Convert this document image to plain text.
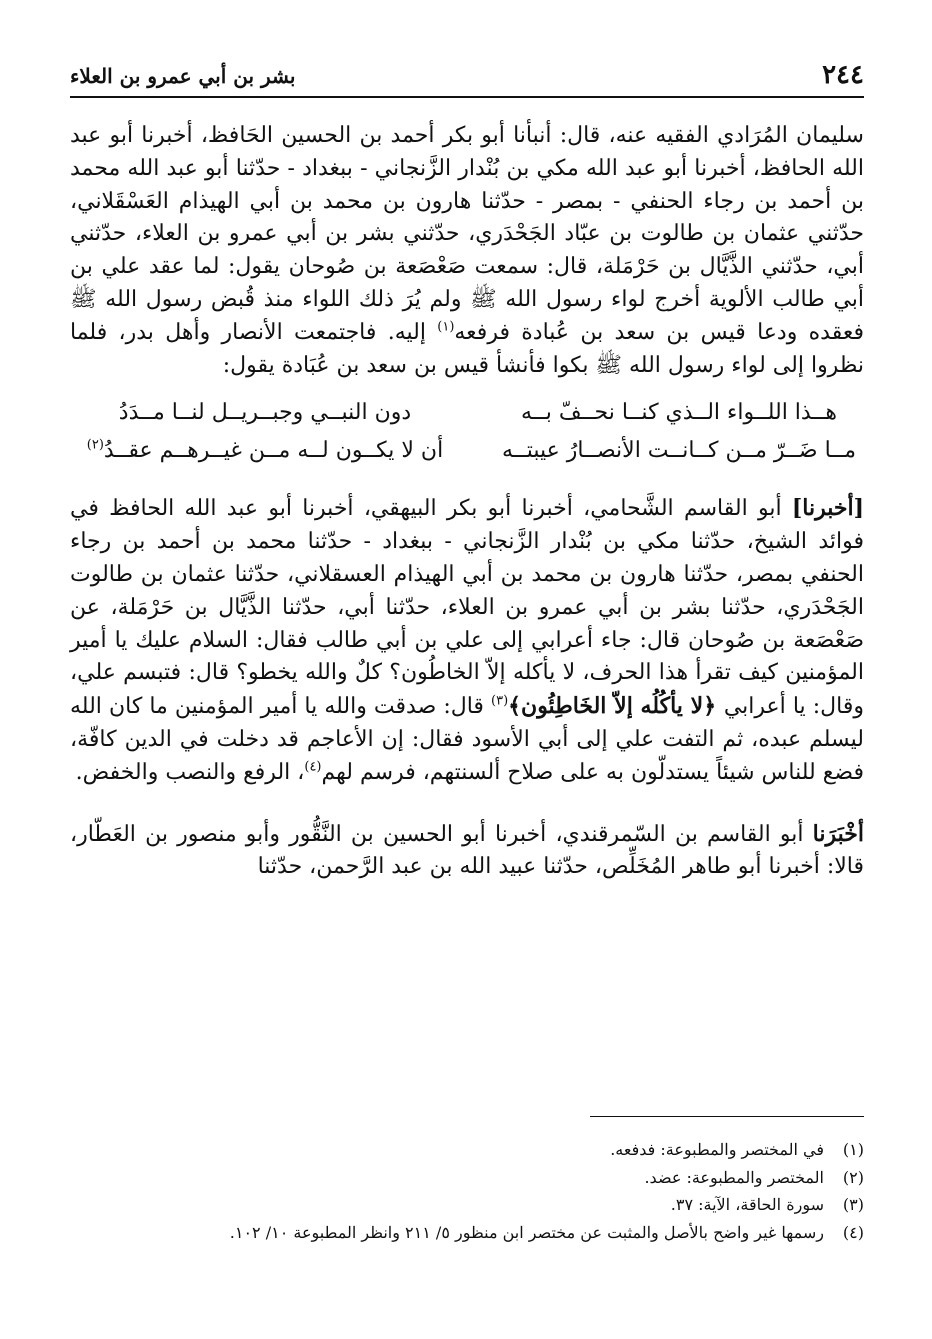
٢٤٤
بشر بن أبي عمرو بن العلاء

سليمان المُرَادي الفقيه عنه، قال: أنبأنا أبو بكر أحمد بن الحسين الحَافظ، أخبرنا أبو عبد الله الحافظ، أخبرنا أبو عبد الله مكي بن بُنْدار الزَّنجاني - ببغداد - حدّثنا أبو عبد الله محمد بن أحمد بن رجاء الحنفي - بمصر - حدّثنا هارون بن محمد بن أبي الهيذام العَسْقَلاني، حدّثني عثمان بن طالوت بن عبّاد الجَحْدَري، حدّثني بشر بن أبي عمرو بن العلاء، حدّثني أبي، حدّثني الذَّيَّال بن حَرْمَلة، قال: سمعت صَعْصَعة بن صُوحان يقول: لما عقد علي بن أبي طالب الألوية أخرج لواء رسول الله ﷺ ولم يُرَ ذلك اللواء منذ قُبض رسول الله ﷺ فعقده ودعا قيس بن سعد بن عُبادة فرفعه$^{(١)}$ إليه. فاجتمعت الأنصار وأهل بدر، فلما نظروا إلى لواء رسول الله ﷺ بكوا فأنشأ قيس بن سعد بن عُبَادة يقول:

هــذا اللــواء الــذي كنــا نحــفّ بــه
دون النبــي وجبــريــل لنــا مــدَدُ
مــا ضَــرّ مــن كــانــت الأنصــارُ عيبتــه
أن لا يكــون لــه مــن غيــرهــم عقــدُ$^{(٢)}$

[أخبرنا] أبو القاسم الشَّحامي، أخبرنا أبو بكر البيهقي، أخبرنا أبو عبد الله الحافظ في فوائد الشيخ، حدّثنا مكي بن بُنْدار الزَّنجاني - ببغداد - حدّثنا محمد بن أحمد بن رجاء الحنفي بمصر، حدّثنا هارون بن محمد بن أبي الهيذام العسقلاني، حدّثنا عثمان بن طالوت الجَحْدَري، حدّثنا بشر بن أبي عمرو بن العلاء، حدّثنا أبي، حدّثنا الذَّيَّال بن حَرْمَلة، عن صَعْصَعة بن صُوحان قال: جاء أعرابي إلى علي بن أبي طالب فقال: السلام عليك يا أمير المؤمنين كيف تقرأ هذا الحرف، لا يأكله إلاّ الخاطُون؟ كلٌ والله يخطو؟ قال: فتبسم علي، وقال: يا أعرابي ﴿لا يأكُلُه إلاّ الخَاطِئُون﴾$^{(٣)}$ قال: صدقت والله يا أمير المؤمنين ما كان الله ليسلم عبده، ثم التفت علي إلى أبي الأسود فقال: إن الأعاجم قد دخلت في الدين كافّة، فضع للناس شيئاً يستدلّون به على صلاح ألسنتهم، فرسم لهم$^{(٤)}$، الرفع والنصب والخفض.

أخْبَرَنا أبو القاسم بن السّمرقندي، أخبرنا أبو الحسين بن النَّقُّور وأبو منصور بن العَطّار، قالا: أخبرنا أبو طاهر المُخَلِّص، حدّثنا عبيد الله بن عبد الرَّحمن، حدّثنا

(١)في المختصر والمطبوعة: فدفعه.
(٢)المختصر والمطبوعة: عضد.
(٣)سورة الحاقة، الآية: ٣٧.
(٤)رسمها غير واضح بالأصل والمثبت عن مختصر ابن منظور ٥/ ٢١١ وانظر المطبوعة ١٠/ ١٠٢.
